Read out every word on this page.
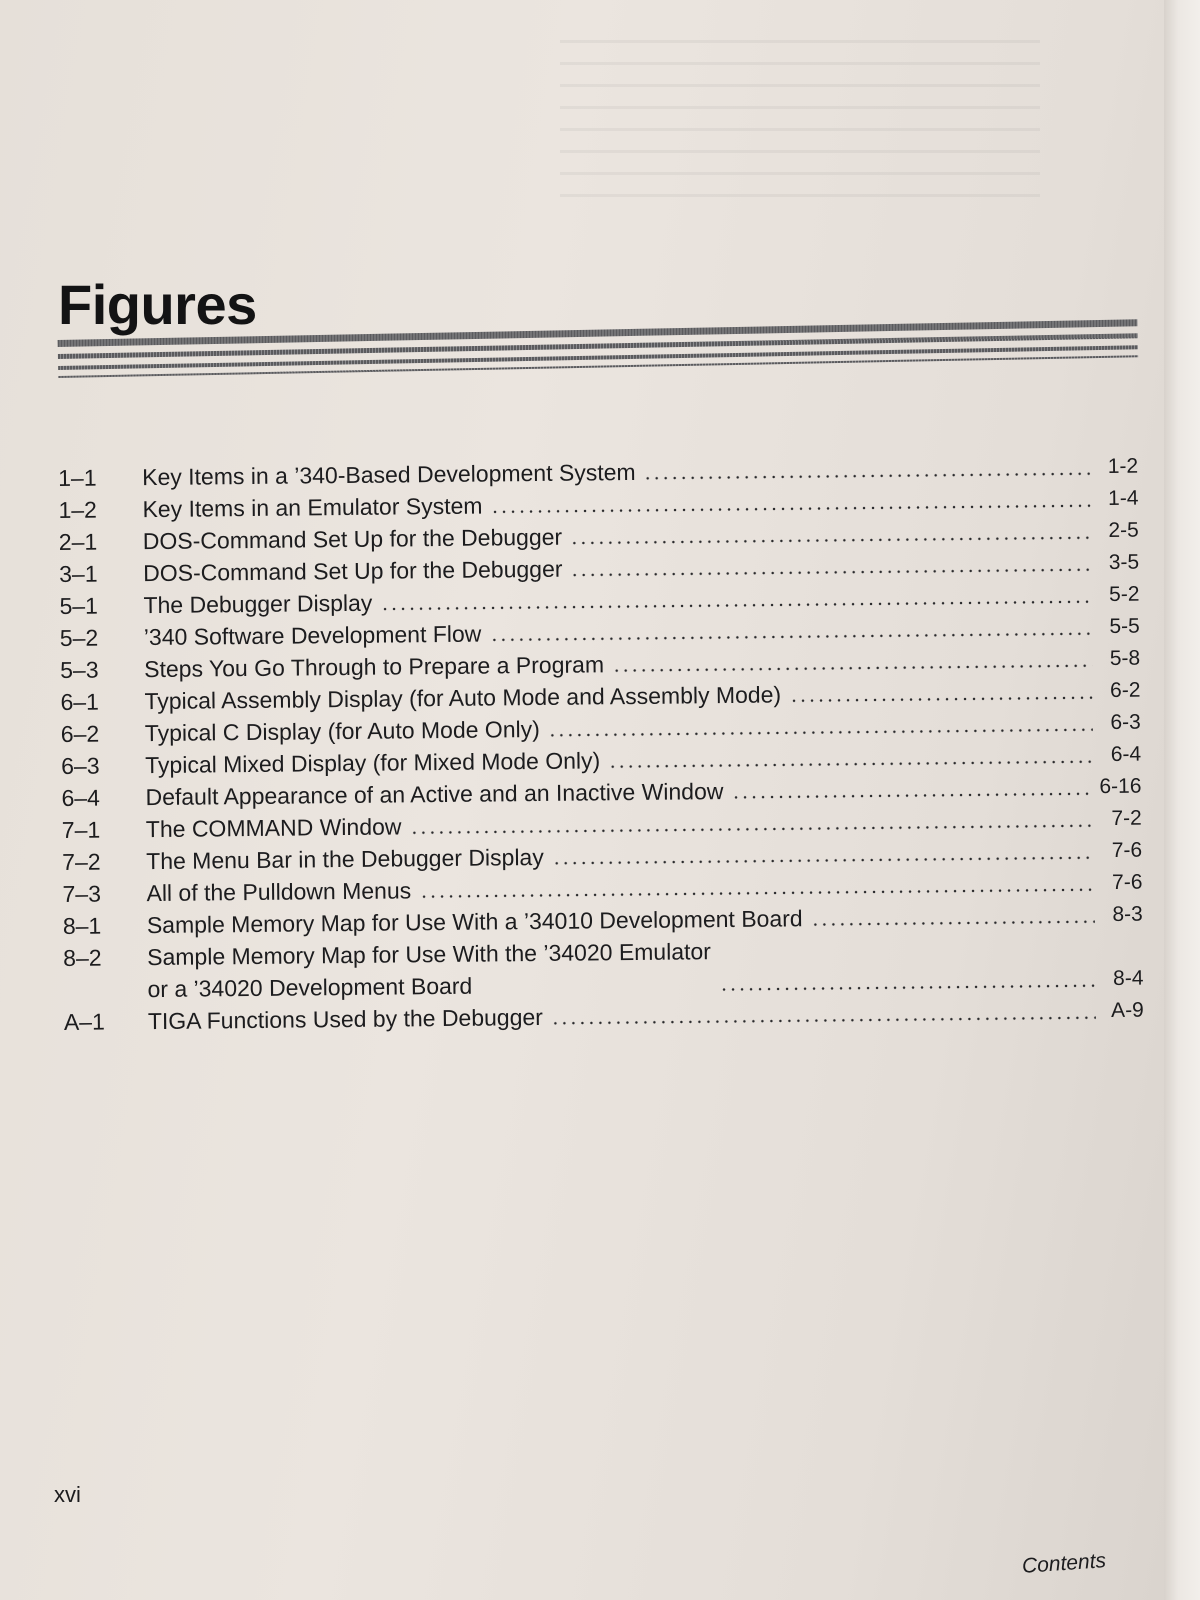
Figures
1–1	Key Items in a ’340-Based Development System	1-2
1–2	Key Items in an Emulator System	1-4
2–1	DOS-Command Set Up for the Debugger	2-5
3–1	DOS-Command Set Up for the Debugger	3-5
5–1	The Debugger Display	5-2
5–2	’340 Software Development Flow	5-5
5–3	Steps You Go Through to Prepare a Program	5-8
6–1	Typical Assembly Display (for Auto Mode and Assembly Mode)	6-2
6–2	Typical C Display (for Auto Mode Only)	6-3
6–3	Typical Mixed Display (for Mixed Mode Only)	6-4
6–4	Default Appearance of an Active and an Inactive Window	6-16
7–1	The COMMAND Window	7-2
7–2	The Menu Bar in the Debugger Display	7-6
7–3	All of the Pulldown Menus	7-6
8–1	Sample Memory Map for Use With a ’34010 Development Board	8-3
8–2	Sample Memory Map for Use With the ’34020 Emulator
or a ’34020 Development Board	8-4
A–1	TIGA Functions Used by the Debugger	A-9
xvi
Contents
